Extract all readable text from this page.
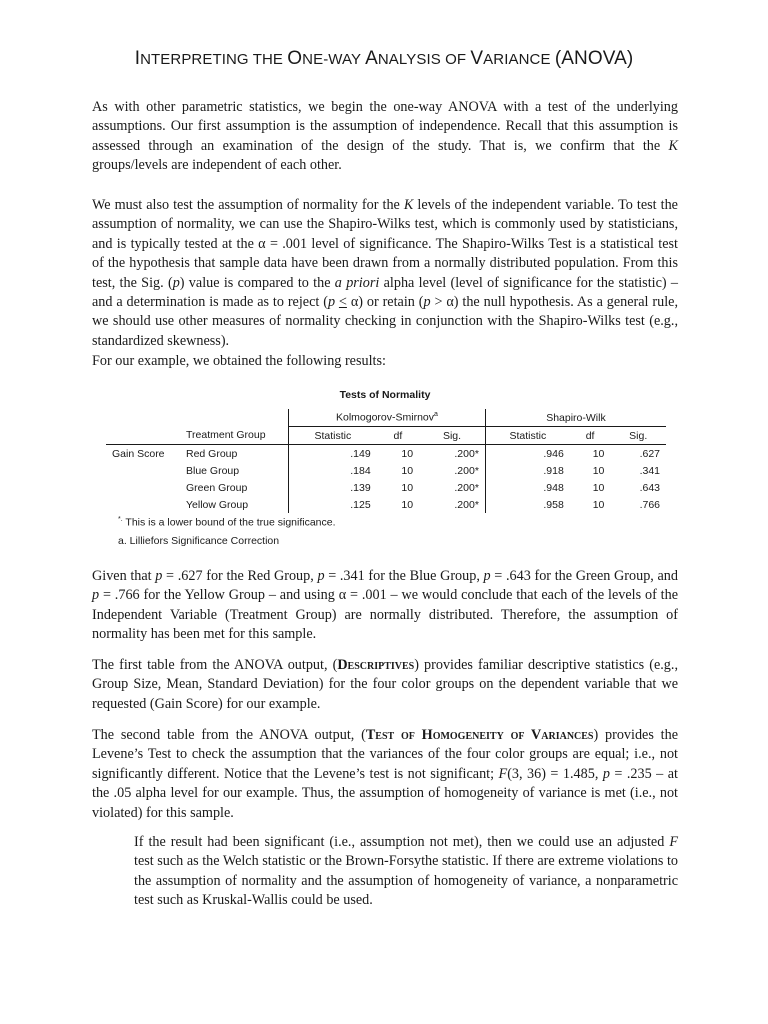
INTERPRETING THE ONE-WAY ANALYSIS OF VARIANCE (ANOVA)

As with other parametric statistics, we begin the one-way ANOVA with a test of the underlying assumptions. Our first assumption is the assumption of independence. Recall that this assumption is assessed through an examination of the design of the study. That is, we confirm that the K groups/levels are independent of each other.

We must also test the assumption of normality for the K levels of the independent variable. To test the assumption of normality, we can use the Shapiro-Wilks test, which is commonly used by statisticians, and is typically tested at the α = .001 level of significance. The Shapiro-Wilks Test is a statistical test of the hypothesis that sample data have been drawn from a normally distributed population. From this test, the Sig. (p) value is compared to the a priori alpha level (level of significance for the statistic) – and a determination is made as to reject (p ≤ α) or retain (p > α) the null hypothesis. As a general rule, we should use other measures of normality checking in conjunction with the Shapiro-Wilks test (e.g., standardized skewness).

For our example, we obtained the following results:

Tests of Normality
		Kolmogorov-Smirnov$^a$			Shapiro-Wilk		
	Treatment Group	Statistic	df	Sig.	Statistic	df	Sig.
Gain Score	Red Group	.149	10	.200*	.946	10	.627
	Blue Group	.184	10	.200*	.918	10	.341
	Green Group	.139	10	.200*	.948	10	.643
	Yellow Group	.125	10	.200*	.958	10	.766
*. This is a lower bound of the true significance.
a. Lilliefors Significance Correction

Given that p = .627 for the Red Group, p = .341 for the Blue Group, p = .643 for the Green Group, and p = .766 for the Yellow Group – and using α = .001 – we would conclude that each of the levels of the Independent Variable (Treatment Group) are normally distributed. Therefore, the assumption of normality has been met for this sample.

The first table from the ANOVA output, (Descriptives) provides familiar descriptive statistics (e.g., Group Size, Mean, Standard Deviation) for the four color groups on the dependent variable that we requested (Gain Score) for our example.

The second table from the ANOVA output, (Test of Homogeneity of Variances) provides the Levene’s Test to check the assumption that the variances of the four color groups are equal; i.e., not significantly different. Notice that the Levene’s test is not significant; F(3, 36) = 1.485, p = .235 – at the .05 alpha level for our example. Thus, the assumption of homogeneity of variance is met (i.e., not violated) for this sample.

If the result had been significant (i.e., assumption not met), then we could use an adjusted F test such as the Welch statistic or the Brown-Forsythe statistic. If there are extreme violations to the assumption of normality and the assumption of homogeneity of variance, a nonparametric test such as Kruskal-Wallis could be used.
